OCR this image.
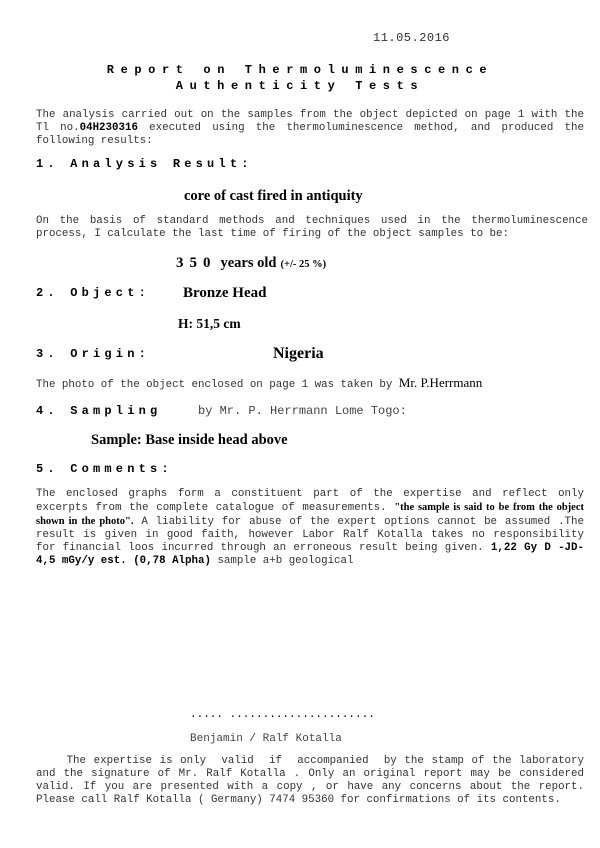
11.05.2016
Report on Thermoluminescence
Authenticity Tests

The analysis carried out on the samples from the object depicted on page 1 with the Tl no.04H230316 executed using the thermoluminescence method, and produced the following results:

1. Analysis Result:
core of cast fired in antiquity

On the basis of standard methods and techniques used in the thermoluminescence process, I calculate the last time of firing of the object samples to be:

350 years old (+/- 25 %)
2. Object: Bronze Head
H: 51,5 cm
3. Origin:	Nigeria
The photo of the object enclosed on page 1 was taken by Mr. P.Herrmann
4. Sampling	by Mr. P. Herrmann Lome Togo:
Sample: Base inside head above
5. Comments:

The enclosed graphs form a constituent part of the expertise and reflect only excerpts from the complete catalogue of measurements. "the sample is said to be from the object shown in the photo". A liability for abuse of the expert options cannot be assumed .The result is given in good faith, however Labor Ralf Kotalla takes no responsibility for financial loos incurred through an erroneous result being given. 1,22 Gy D -JD- 4,5 mGy/y est. (0,78 Alpha) sample a+b geological

..... ......................
Benjamin / Ralf Kotalla

The expertise is only  valid  if  accompanied  by the stamp of the laboratory and the signature of Mr. Ralf Kotalla . Only an original report may be considered valid. If you are presented with a copy , or have any concerns about the report. Please call Ralf Kotalla ( Germany) 7474 95360 for confirmations of its contents.
